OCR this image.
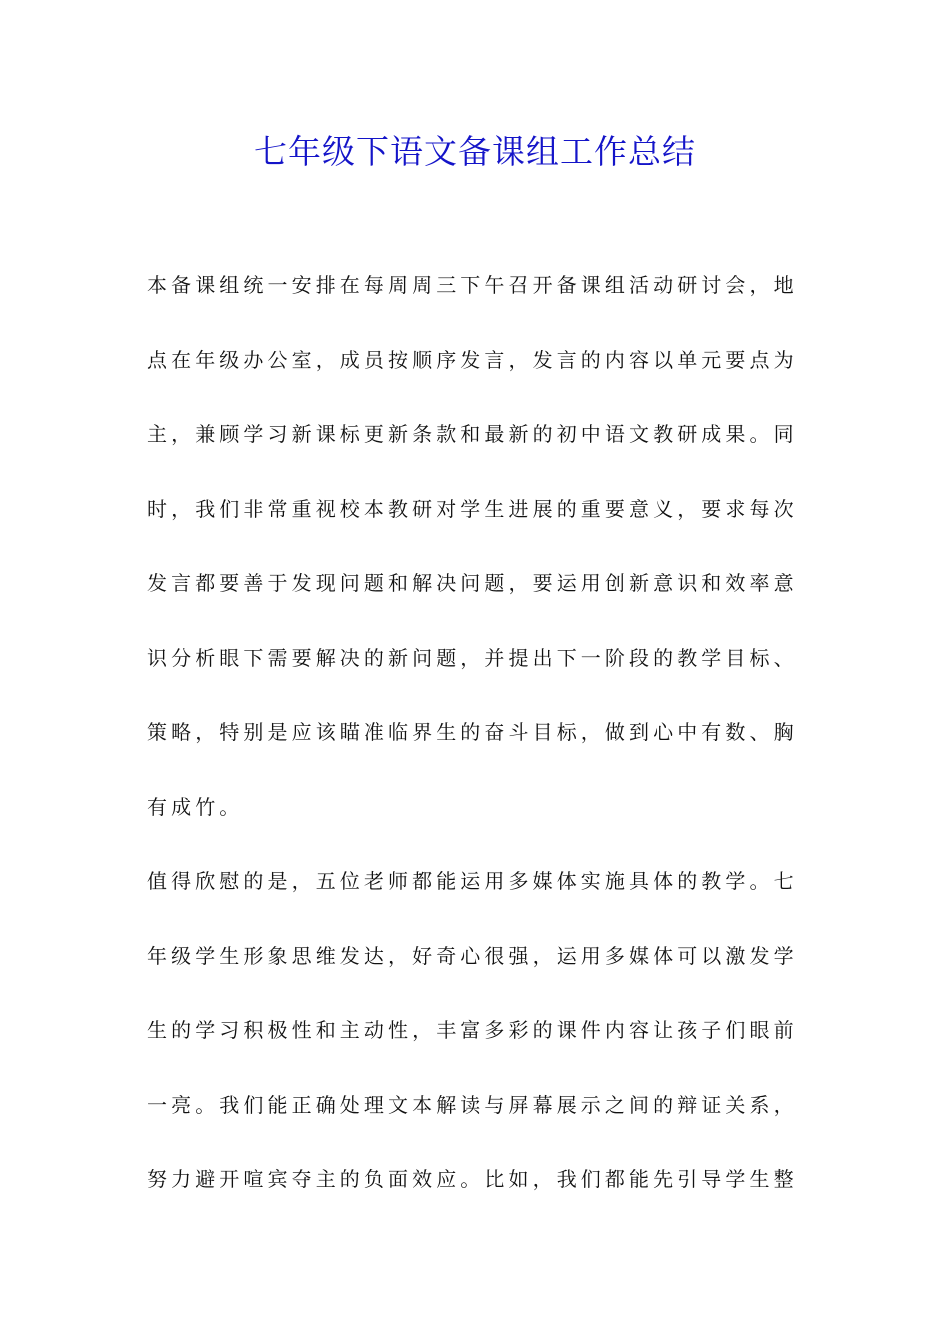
七年级下语文备课组工作总结
本备课组统一安排在每周周三下午召开备课组活动研讨会，地
点在年级办公室，成员按顺序发言，发言的内容以单元要点为
主，兼顾学习新课标更新条款和最新的初中语文教研成果。同
时，我们非常重视校本教研对学生进展的重要意义，要求每次
发言都要善于发现问题和解决问题，要运用创新意识和效率意
识分析眼下需要解决的新问题，并提出下一阶段的教学目标、
策略，特别是应该瞄准临界生的奋斗目标，做到心中有数、胸
有成竹。
值得欣慰的是，五位老师都能运用多媒体实施具体的教学。七
年级学生形象思维发达，好奇心很强，运用多媒体可以激发学
生的学习积极性和主动性，丰富多彩的课件内容让孩子们眼前
一亮。我们能正确处理文本解读与屏幕展示之间的辩证关系，
努力避开喧宾夺主的负面效应。比如，我们都能先引导学生整
